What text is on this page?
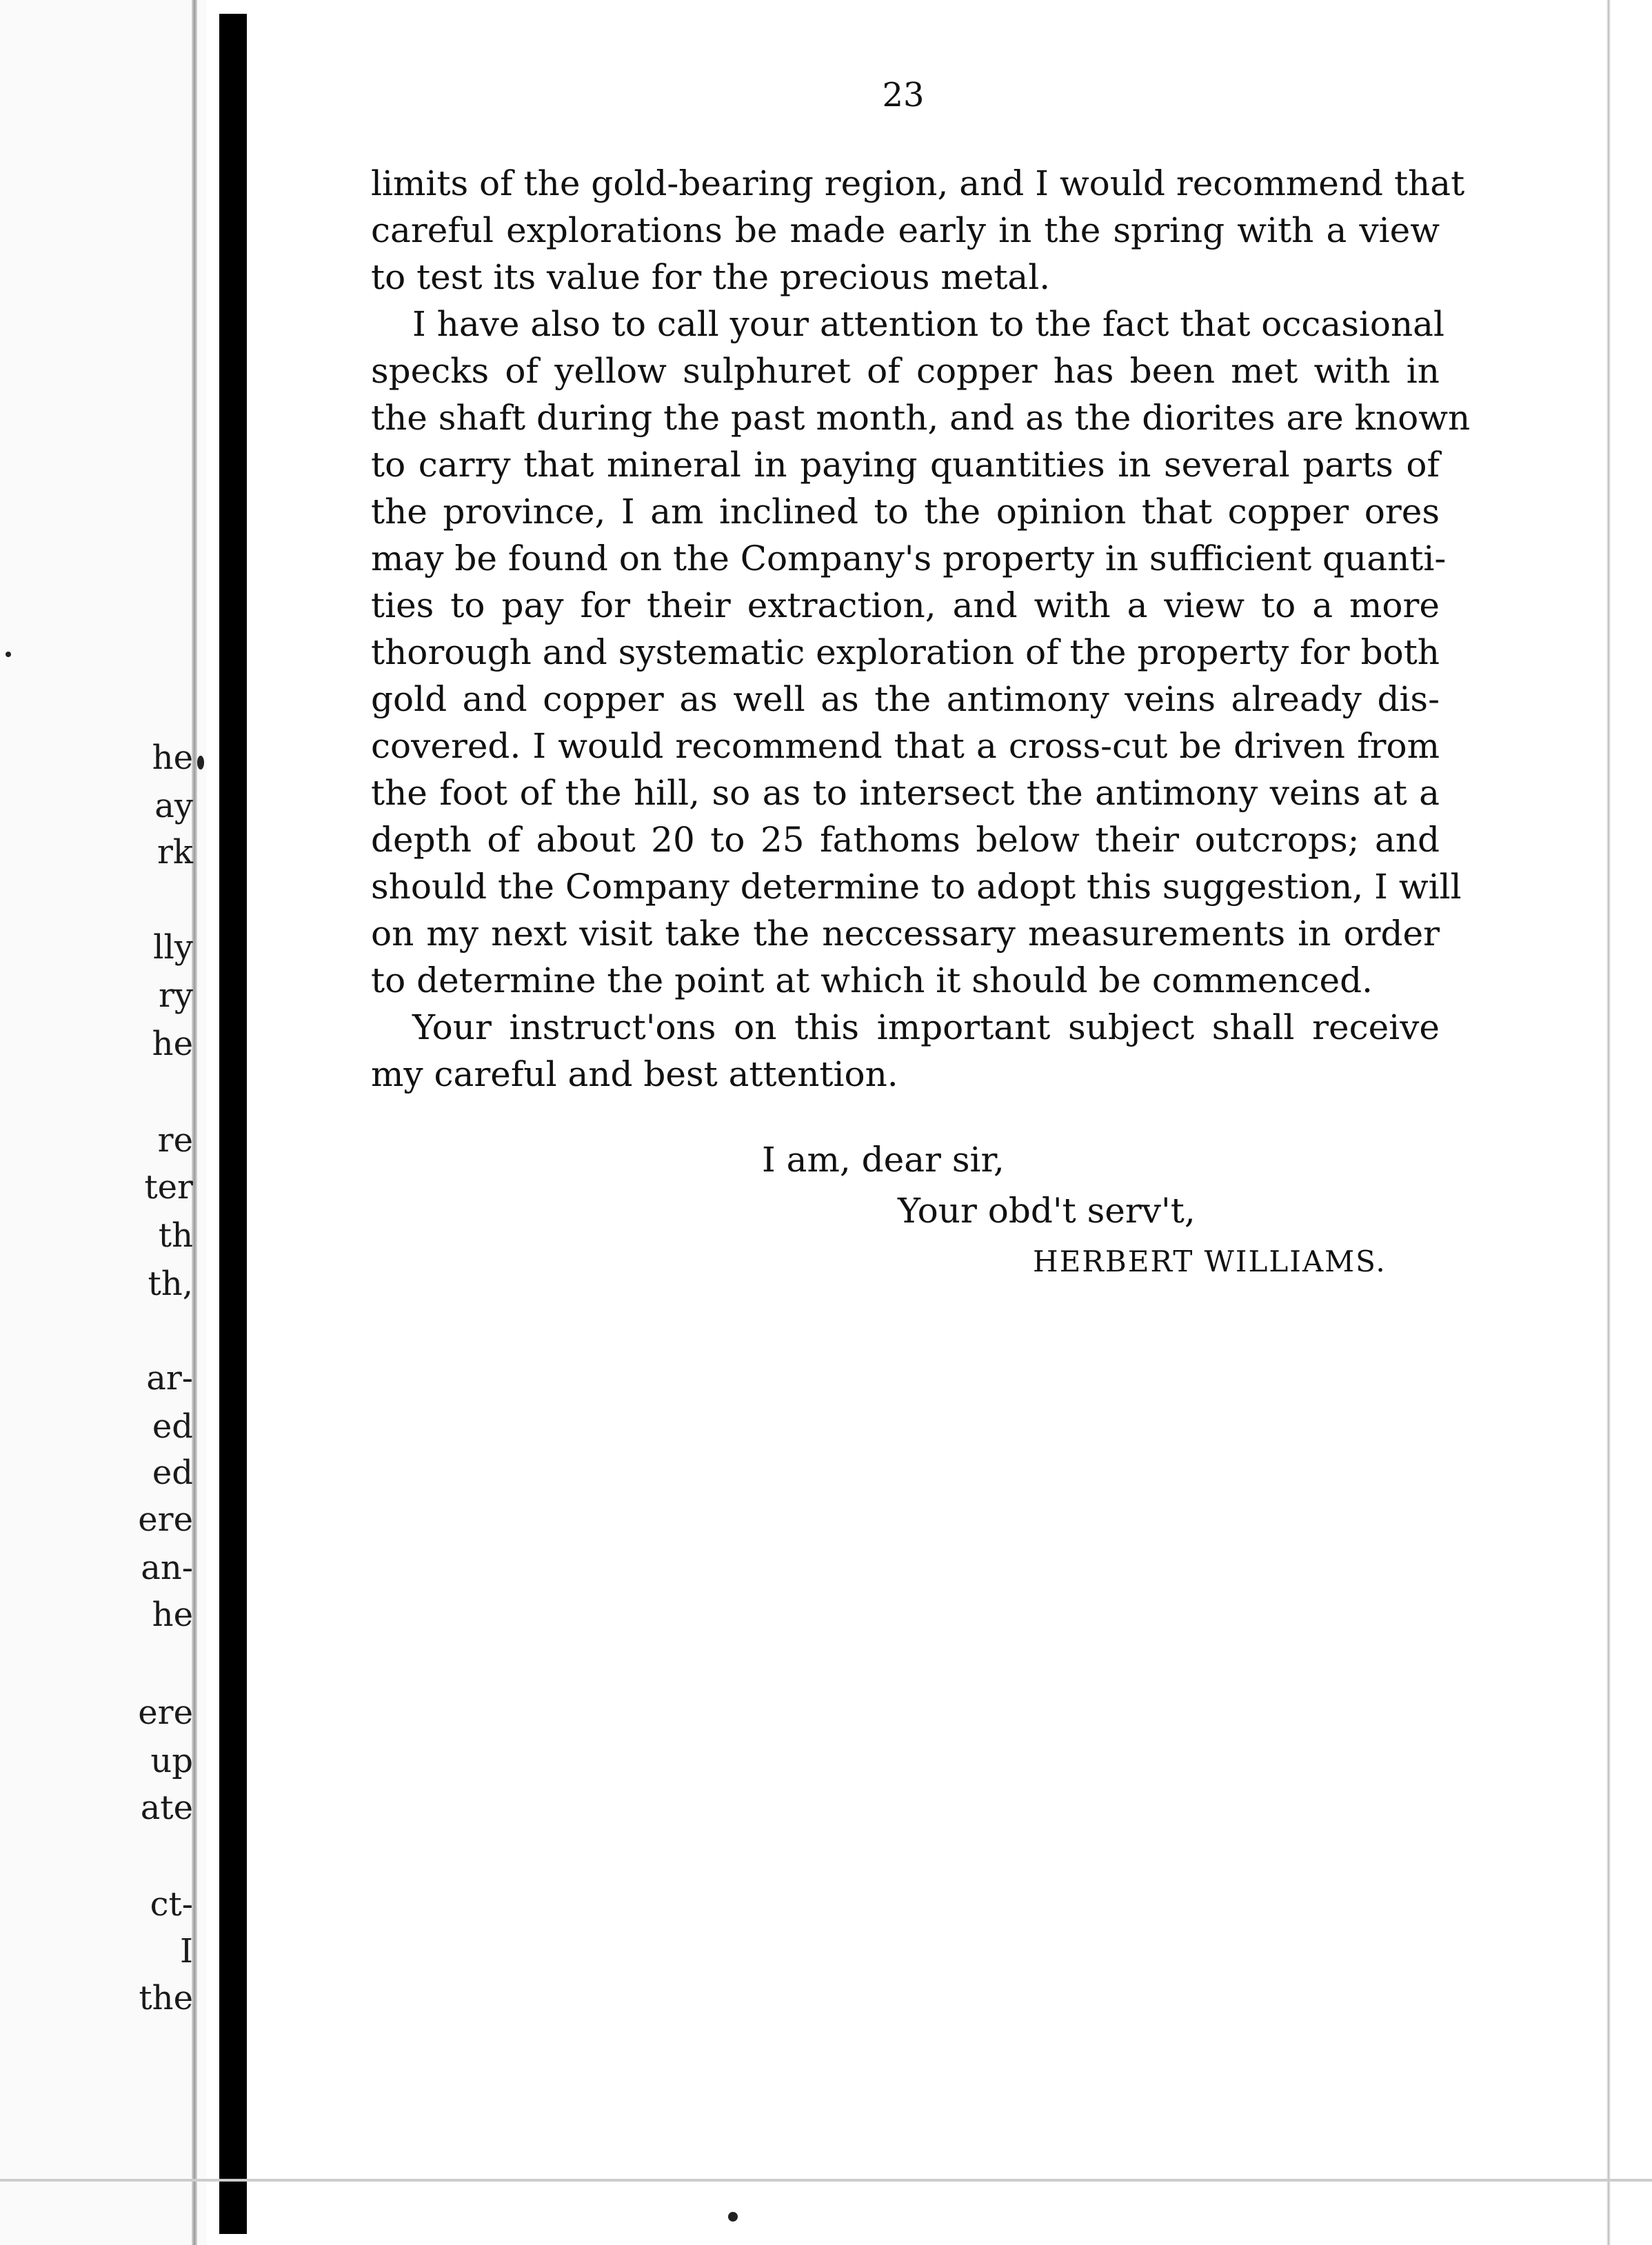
he
ay
rk
lly
ry
he
re
ter
th
th,
ar-
ed
ed
ere
an-
he
ere
up
ate
ct-
I
the
23
limits of the gold-bearing region, and I would recommend that
careful explorations be made early in the spring with a view
to test its value for the precious metal.
I have also to call your attention to the fact that occasional
specks of yellow sulphuret of copper has been met with in
the shaft during the past month, and as the diorites are known
to carry that mineral in paying quantities in several parts of
the province, I am inclined to the opinion that copper ores
may be found on the Company's property in sufficient quanti-
ties to pay for their extraction, and with a view to a more
thorough and systematic exploration of the property for both
gold and copper as well as the antimony veins already dis-
covered. I would recommend that a cross-cut be driven from
the foot of the hill, so as to intersect the antimony veins at a
depth of about 20 to 25 fathoms below their outcrops; and
should the Company determine to adopt this suggestion, I will
on my next visit take the neccessary measurements in order
to determine the point at which it should be commenced.
Your instruct'ons on this important subject shall receive
my careful and best attention.
I am, dear sir,
Your obd't serv't,
HERBERT WILLIAMS.
